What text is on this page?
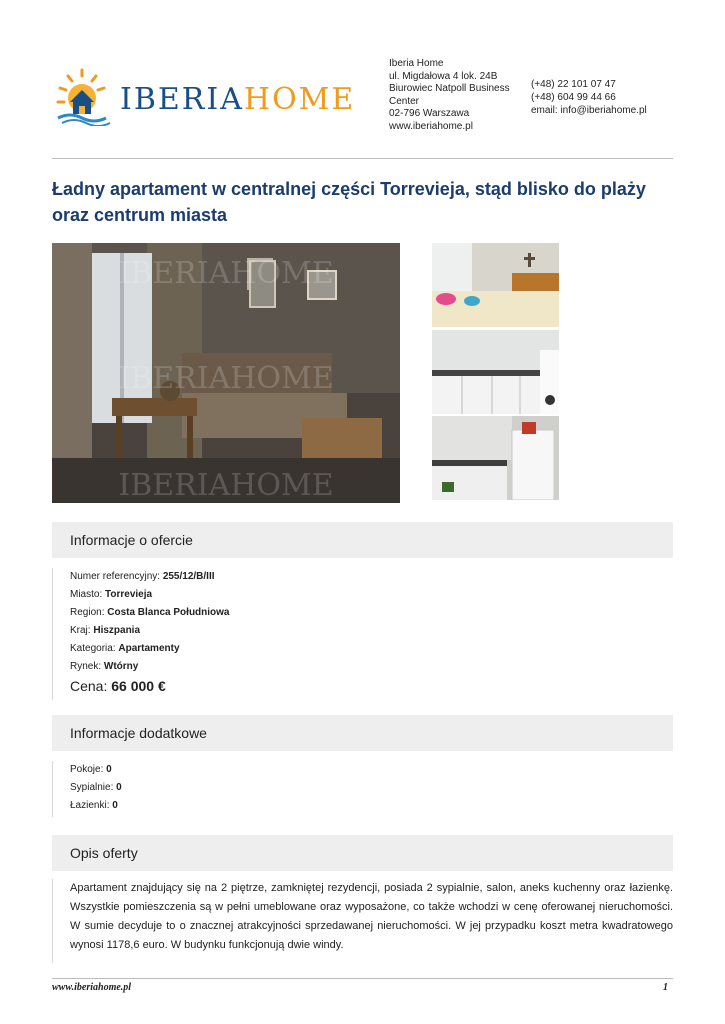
IBERIAHOME
Iberia Home
ul. Migdałowa 4 lok. 24B
Biurowiec Natpoll Business Center
02-796 Warszawa
www.iberiahome.pl
(+48) 22 101 07 47
(+48) 604 99 44 66
email: info@iberiahome.pl
Ładny apartament w centralnej części Torrevieja, stąd blisko do plaży oraz centrum miasta
IBERIAHOME
IBERIAHOME
IBERIAHOME
Informacje o ofercie
Numer referencyjny: 255/12/B/III
Miasto: Torrevieja
Region: Costa Blanca Południowa
Kraj: Hiszpania
Kategoria: Apartamenty
Rynek: Wtórny
Cena: 66 000 €
Informacje dodatkowe
Pokoje: 0
Sypialnie: 0
Łazienki: 0
Opis oferty

Apartament znajdujący się na 2 piętrze, zamkniętej rezydencji, posiada 2 sypialnie, salon, aneks kuchenny oraz łazienkę. Wszystkie pomieszczenia są w pełni umeblowane oraz wyposażone, co także wchodzi w cenę oferowanej nieruchomości. W sumie decyduje to o znacznej atrakcyjności sprzedawanej nieruchomości. W jej przypadku koszt metra kwadratowego wynosi 1178,6 euro. W budynku funkcjonują dwie windy.

www.iberiahome.pl	1
